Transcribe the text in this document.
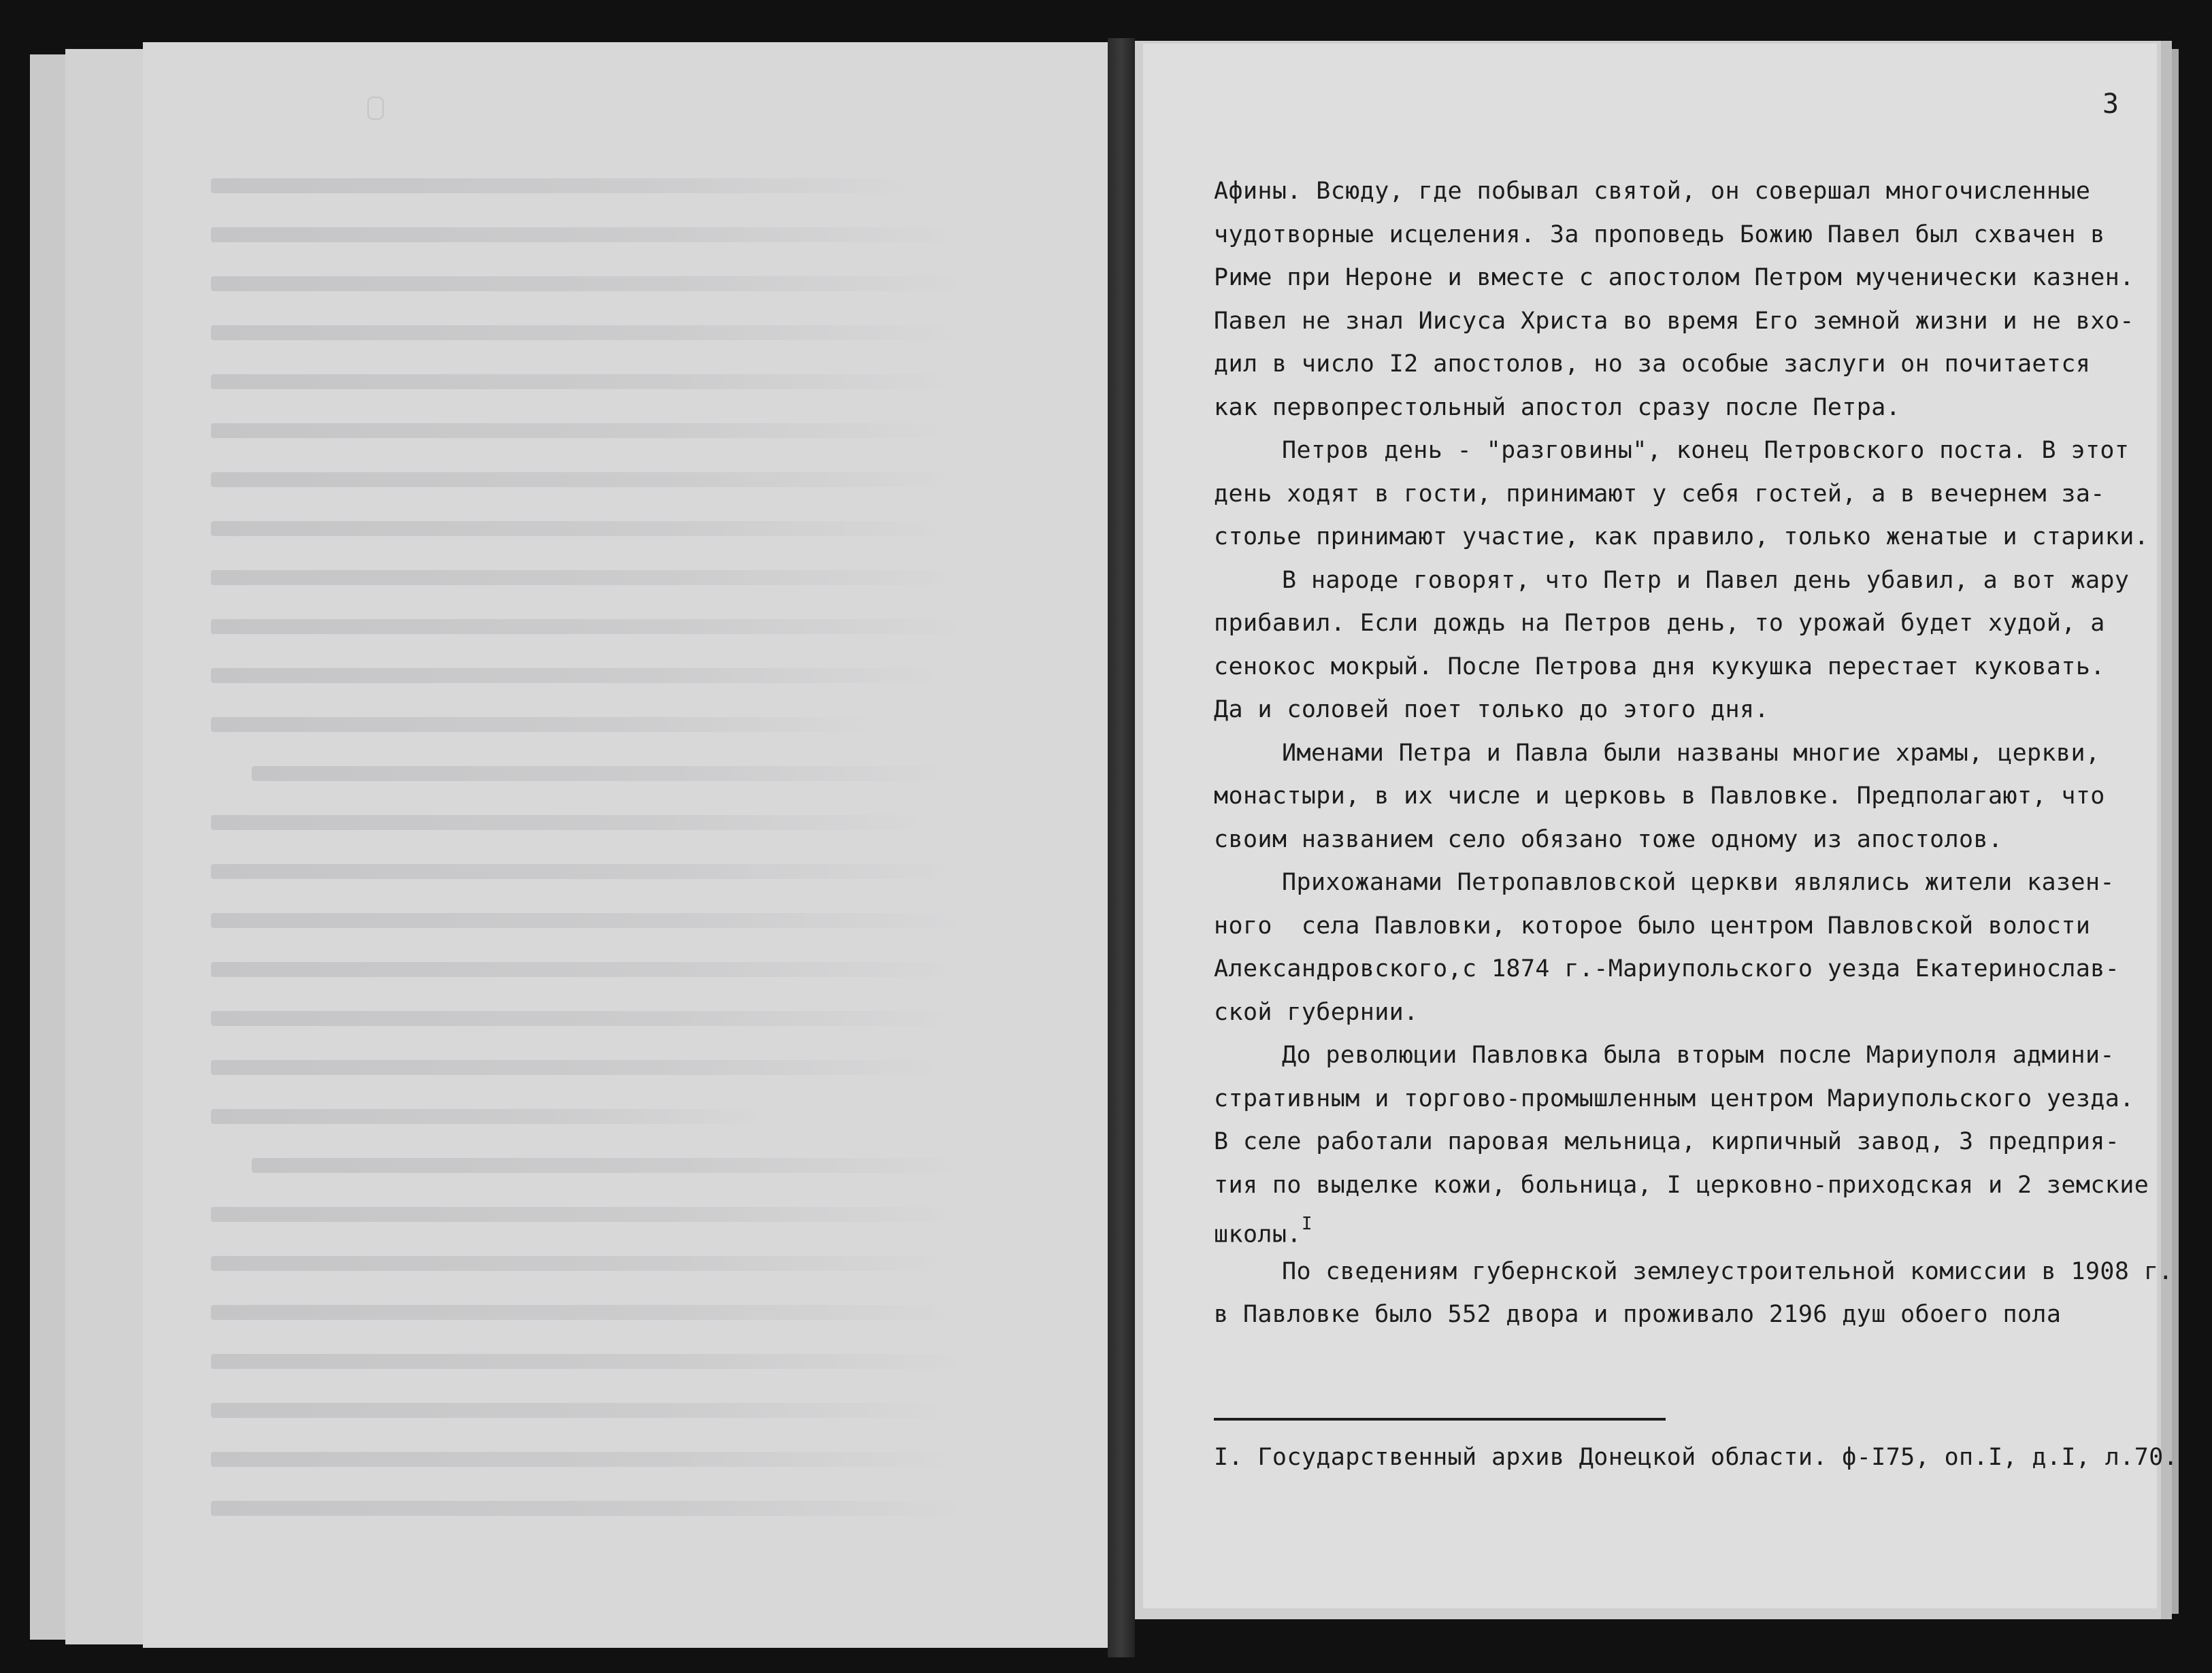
3
Афины. Всюду, где побывал святой, он совершал многочисленные
чудотворные исцеления. За проповедь Божию Павел был схвачен в
Риме при Нероне и вместе с апостолом Петром мученически казнен.
Павел не знал Иисуса Христа во время Его земной жизни и не вхо-
дил в число I2 апостолов, но за особые заслуги он почитается
как первопрестольный апостол сразу после Петра.
Петров день - "разговины", конец Петровского поста. В этот
день ходят в гости, принимают у себя гостей, а в вечернем за-
столье принимают участие, как правило, только женатые и старики.
В народе говорят, что Петр и Павел день убавил, а вот жару
прибавил. Если дождь на Петров день, то урожай будет худой, а
сенокос мокрый. После Петрова дня кукушка перестает куковать.
Да и соловей поет только до этого дня.
Именами Петра и Павла были названы многие храмы, церкви,
монастыри, в их числе и церковь в Павловке. Предполагают, что
своим названием село обязано тоже одному из апостолов.
Прихожанами Петропавловской церкви являлись жители казен-
ного  села Павловки, которое было центром Павловской волости
Александровского,с 1874 г.-Мариупольского уезда Екатеринослав-
ской губернии.
До революции Павловка была вторым после Мариуполя админи-
стративным и торгово-промышленным центром Мариупольского уезда.
В селе работали паровая мельница, кирпичный завод, 3 предприя-
тия по выделке кожи, больница, I церковно-приходская и 2 земские
школы.$^I$
По сведениям губернской землеустроительной комиссии в 1908 г.
в Павловке было 552 двора и проживало 2196 душ обоего пола
I. Государственный архив Донецкой области. ф-I75, оп.I, д.I, л.70.
